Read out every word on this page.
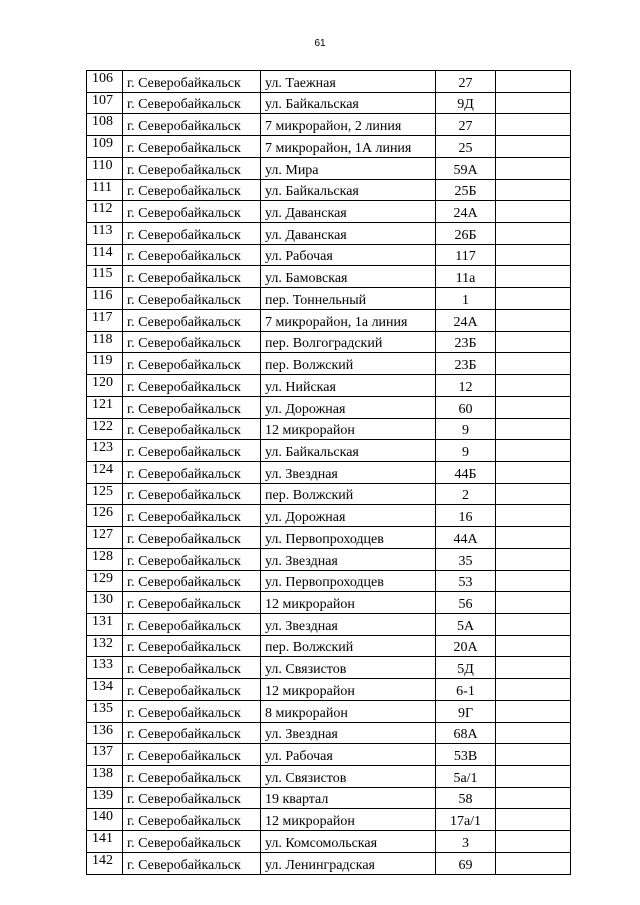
61
106	г. Северобайкальск	ул. Таежная	27	
107	г. Северобайкальск	ул. Байкальская	9Д	
108	г. Северобайкальск	7 микрорайон, 2 линия	27	
109	г. Северобайкальск	7 микрорайон, 1А линия	25	
110	г. Северобайкальск	ул. Мира	59А	
111	г. Северобайкальск	ул. Байкальская	25Б	
112	г. Северобайкальск	ул. Даванская	24А	
113	г. Северобайкальск	ул. Даванская	26Б	
114	г. Северобайкальск	ул. Рабочая	117	
115	г. Северобайкальск	ул. Бамовская	11а	
116	г. Северобайкальск	пер. Тоннельный	1	
117	г. Северобайкальск	7 микрорайон, 1а линия	24А	
118	г. Северобайкальск	пер. Волгоградский	23Б	
119	г. Северобайкальск	пер. Волжский	23Б	
120	г. Северобайкальск	ул. Нийская	12	
121	г. Северобайкальск	ул. Дорожная	60	
122	г. Северобайкальск	12 микрорайон	9	
123	г. Северобайкальск	ул. Байкальская	9	
124	г. Северобайкальск	ул. Звездная	44Б	
125	г. Северобайкальск	пер. Волжский	2	
126	г. Северобайкальск	ул. Дорожная	16	
127	г. Северобайкальск	ул. Первопроходцев	44А	
128	г. Северобайкальск	ул. Звездная	35	
129	г. Северобайкальск	ул. Первопроходцев	53	
130	г. Северобайкальск	12 микрорайон	56	
131	г. Северобайкальск	ул. Звездная	5А	
132	г. Северобайкальск	пер. Волжский	20А	
133	г. Северобайкальск	ул. Связистов	5Д	
134	г. Северобайкальск	12 микрорайон	6-1	
135	г. Северобайкальск	8 микрорайон	9Г	
136	г. Северобайкальск	ул. Звездная	68А	
137	г. Северобайкальск	ул. Рабочая	53В	
138	г. Северобайкальск	ул. Связистов	5а/1	
139	г. Северобайкальск	19 квартал	58	
140	г. Северобайкальск	12 микрорайон	17а/1	
141	г. Северобайкальск	ул. Комсомольская	3	
142	г. Северобайкальск	ул. Ленинградская	69	
